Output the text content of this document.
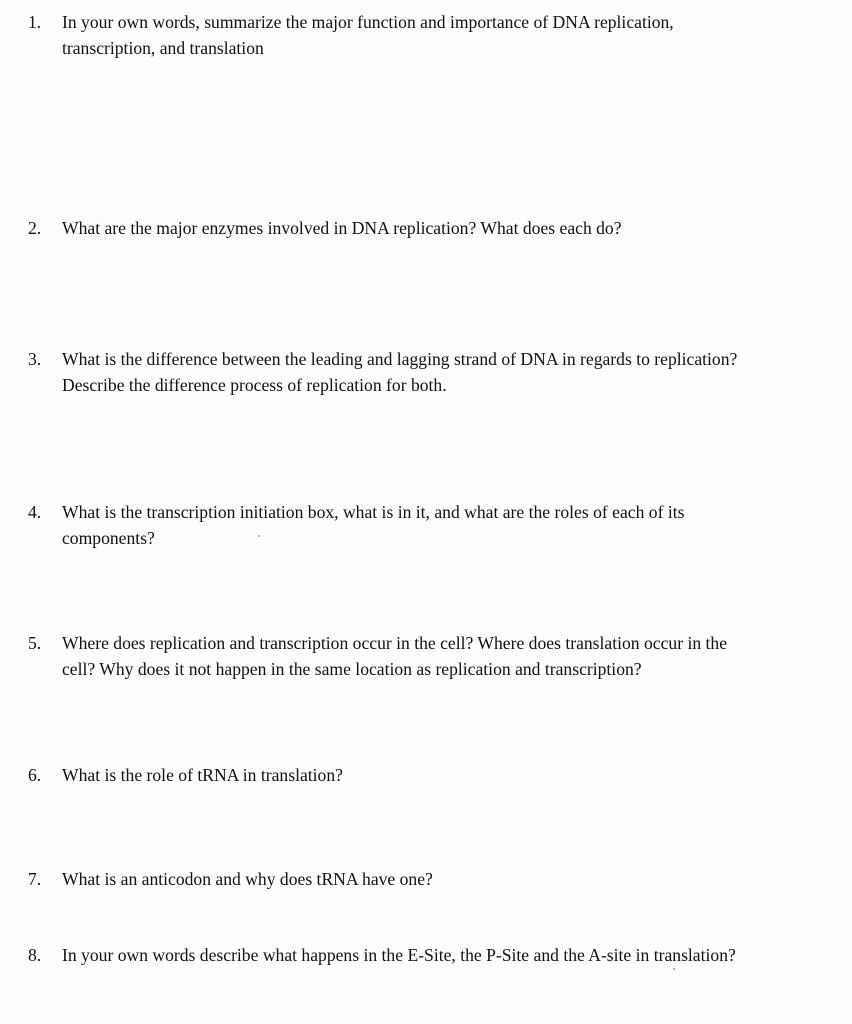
1.	In your own words, summarize the major function and importance of DNA replication,
transcription, and translation
2.	What are the major enzymes involved in DNA replication? What does each do?
3.	What is the difference between the leading and lagging strand of DNA in regards to replication?
Describe the difference process of replication for both.
4.	What is the transcription initiation box, what is in it, and what are the roles of each of its
components?
5.	Where does replication and transcription occur in the cell? Where does translation occur in the
cell? Why does it not happen in the same location as replication and transcription?
6.	What is the role of tRNA in translation?
7.	What is an anticodon and why does tRNA have one?
8.	In your own words describe what happens in the E-Site, the P-Site and the A-site in translation?
